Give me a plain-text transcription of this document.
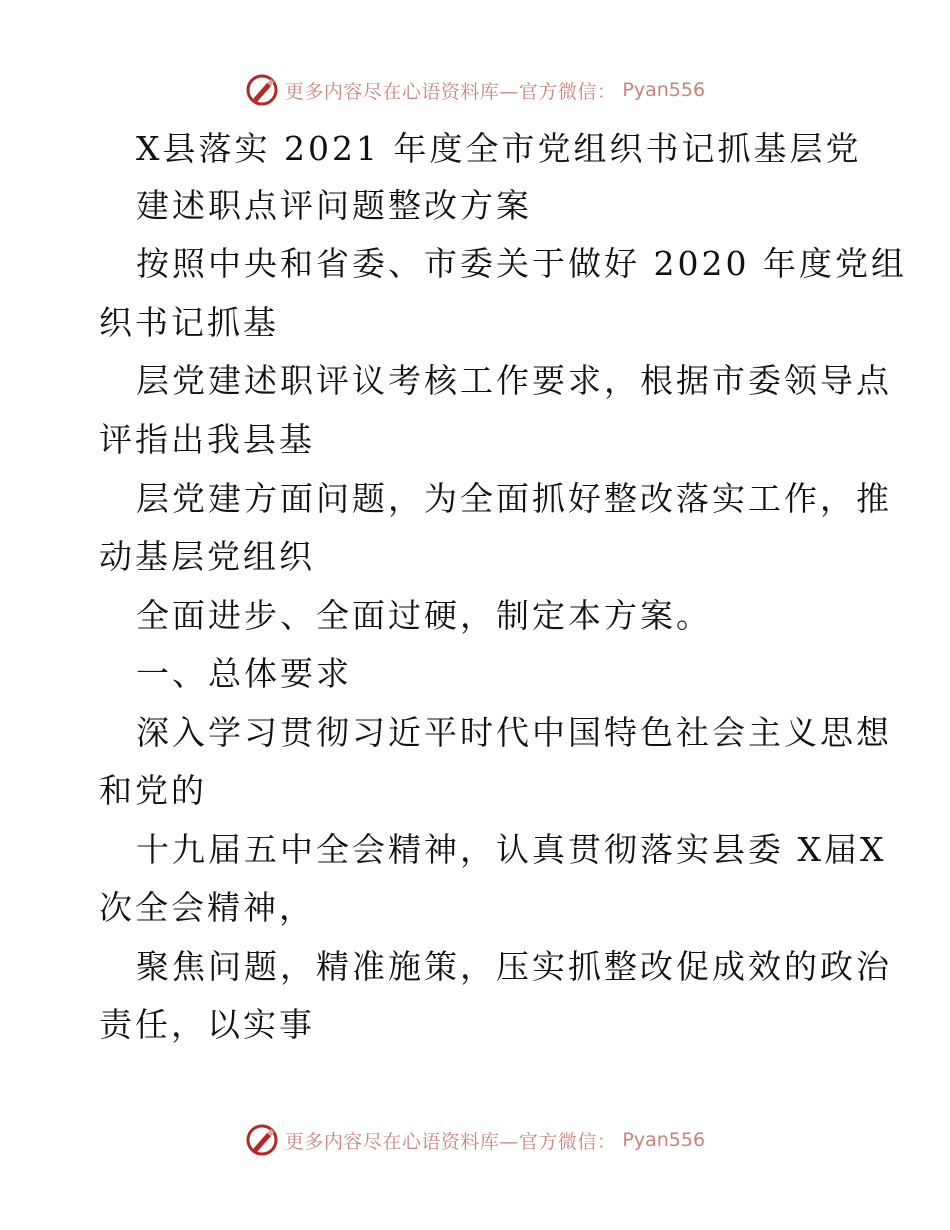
更多内容尽在心语资料库—官方微信： Pyan556
X县落实 2021 年度全市党组织书记抓基层党
建述职点评问题整改方案
按照中央和省委、市委关于做好 2020 年度党组
织书记抓基
层党建述职评议考核工作要求，根据市委领导点
评指出我县基
层党建方面问题，为全面抓好整改落实工作，推
动基层党组织
全面进步、全面过硬，制定本方案。
一、总体要求
深入学习贯彻习近平时代中国特色社会主义思想
和党的
十九届五中全会精神，认真贯彻落实县委 X届X
次全会精神，
聚焦问题，精准施策，压实抓整改促成效的政治
责任，以实事
更多内容尽在心语资料库—官方微信： Pyan556
